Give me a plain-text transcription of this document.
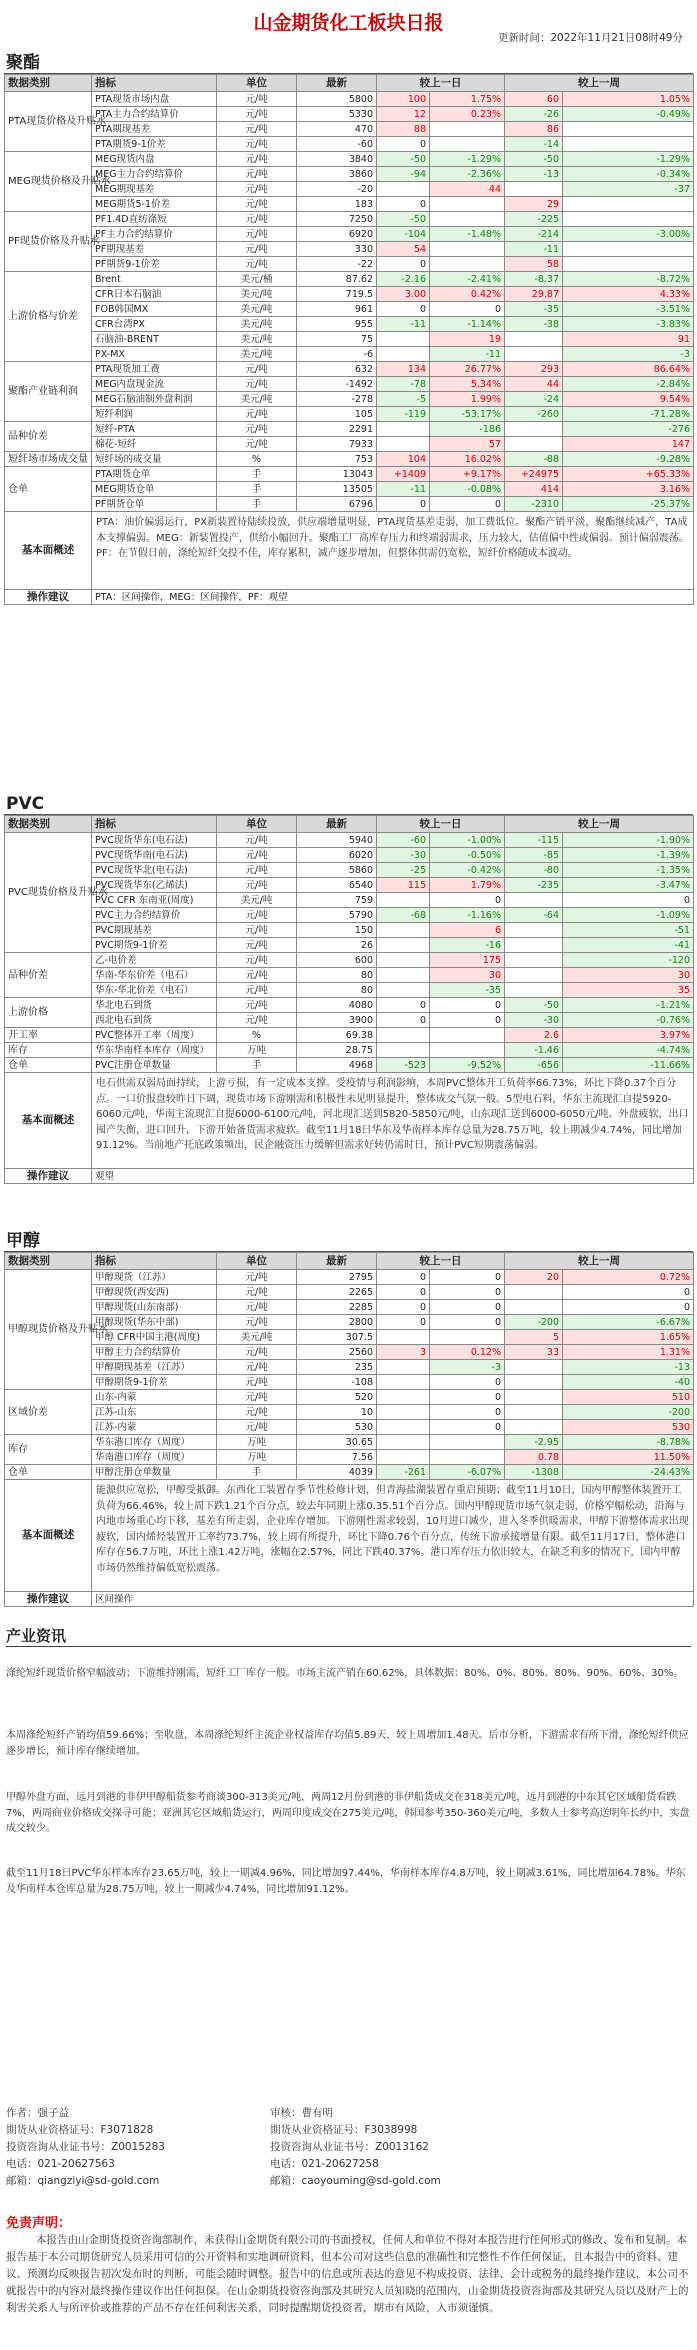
山金期货化工板块日报
更新时间：2022年11月21日08时49分
聚酯
数据类别	指标	单位	最新	较上一日		较上一周	
PTA现货价格及升贴水	PTA现货市场内盘	元/吨	5800	100	1.75%	60	1.05%
	PTA主力合约结算价	元/吨	5330	12	0.23%	-26	-0.49%
	PTA期现基差	元/吨	470	88		86	
	PTA期货9-1价差	元/吨	-60	0		-14	
MEG现货价格及升贴水	MEG现货内盘	元/吨	3840	-50	-1.29%	-50	-1.29%
	MEG主力合约结算价	元/吨	3860	-94	-2.36%	-13	-0.34%
	MEG期现基差	元/吨	-20		44		-37
	MEG期货5-1价差	元/吨	183	0		29	
PF现货价格及升贴水	PF1.4D直纺涤短	元/吨	7250	-50		-225	
	PF主力合约结算价	元/吨	6920	-104	-1.48%	-214	-3.00%
	PF期现基差	元/吨	330	54		-11	
	PF期货9-1价差	元/吨	-22	0		58	
上游价格与价差	Brent	美元/桶	87.62	-2.16	-2.41%	-8.37	-8.72%
	CFR日本石脑油	美元/吨	719.5	3.00	0.42%	29.87	4.33%
	FOB韩国MX	美元/吨	961	0	0	-35	-3.51%
	CFR台湾PX	美元/吨	955	-11	-1.14%	-38	-3.83%
	石脑油-BRENT	美元/吨	75		19		91
	PX-MX	美元/吨	-6		-11		-3
聚酯产业链利润	PTA现货加工费	元/吨	632	134	26.77%	293	86.64%
	MEG内盘现金流	元/吨	-1492	-78	5.34%	44	-2.84%
	MEG石脑油制外盘利润	美元/吨	-278	-5	1.99%	-24	9.54%
	短纤利润	元/吨	105	-119	-53.17%	-260	-71.28%
品种价差	短纤-PTA	元/吨	2291		-186		-276
	棉花-短纤	元/吨	7933		57		147
短纤场市场成交量	短纤场的成交量	%	753	104	16.02%	-88	-9.28%
仓单	PTA期货仓单	手	13043	+1409	+9.17%	+24975	+65.33%
	MEG期货仓单	手	13505	-11	-0.08%	414	3.16%
	PF期货仓单	手	6796	0	0	-2310	-25.37%
基本面概述	PTA：油价偏弱运行，PX新装置待陆续投放，供应端增量明显，PTA现货基差走弱，加工费低位。聚酯产销平淡，聚酯继续减产，TA成本支撑偏弱。MEG：新装置投产，供给小幅回升。聚酯工厂高库存压力和终端弱需求，压力较大，估值偏中性或偏弱。预计偏弱震荡。PF：在节假日前，涤纶短纤交投不佳，库存累积，减产逐步增加，但整体供需仍宽松，短纤价格随成本波动。						
操作建议	PTA：区间操作，MEG：区间操作，PF：观望						
PVC
数据类别	指标	单位	最新	较上一日		较上一周	
PVC现货价格及升贴水	PVC现货华东(电石法)	元/吨	5940	-60	-1.00%	-115	-1.90%
	PVC现货华南(电石法)	元/吨	6020	-30	-0.50%	-85	-1.39%
	PVC现货华北(电石法)	元/吨	5860	-25	-0.42%	-80	-1.35%
	PVC现货华东(乙烯法)	元/吨	6540	115	1.79%	-235	-3.47%
	PVC CFR 东南亚(周度)	美元/吨	759		0		0
	PVC主力合约结算价	元/吨	5790	-68	-1.16%	-64	-1.09%
	PVC期现基差	元/吨	150		6		-51
	PVC期货9-1价差	元/吨	26		-16		-41
品种价差	乙-电价差	元/吨	600		175		-120
	华南-华东价差（电石）	元/吨	80		30		30
	华东-华北价差（电石）	元/吨	80		-35		35
上游价格	华北电石到货	元/吨	4080	0	0	-50	-1.21%
	西北电石到货	元/吨	3900	0	0	-30	-0.76%
开工率	PVC整体开工率（周度）	%	69.38			2.6	3.97%
库存	华东华南样本库存（周度）	万吨	28.75			-1.46	-4.74%
仓单	PVC注册仓单数量	手	4968	-523	-9.52%	-656	-11.66%
基本面概述	电石供需双弱局面持续，上游亏损，有一定成本支撑。受疫情与利润影响，本周PVC整体开工负荷率66.73%，环比下降0.37个百分点。一口价报盘较昨日下调，现货市场下游刚需和积极性未见明显提升，整体成交气氛一般。5型电石料，华东主流现汇自提5920-6060元/吨，华南主流现汇自提6000-6100元/吨，河北现汇送到5820-5850元/吨，山东现汇送到6000-6050元/吨。外盘疲软，出口囤产失衡，进口回升，下游开始备货需求疲软。截至11月18日华东及华南样本库存总量为28.75万吨，较上期减少4.74%，同比增加91.12%。当前地产托底政策频出，民企融资压力缓解但需求好转仍需时日，预计PVC短期震荡偏弱。						
操作建议	观望						
甲醇
数据类别	指标	单位	最新	较上一日		较上一周	
甲醇现货价格及升贴水	甲醇现货（江苏）	元/吨	2795	0	0	20	0.72%
	甲醇现货(西安西)	元/吨	2265	0	0		0
	甲醇现货(山东南部)	元/吨	2285	0	0		0
	甲醇现货(华东中部)	元/吨	2800	0	0	-200	-6.67%
	甲醇 CFR中国主港(周度)	美元/吨	307.5			5	1.65%
	甲醇主力合约结算价	元/吨	2560	3	0.12%	33	1.31%
	甲醇期现基差（江苏）	元/吨	235		-3		-13
	甲醇期货9-1价差	元/吨	-108		0		-40
区域价差	山东-内蒙	元/吨	520		0		510
	江苏-山东	元/吨	10		0		-200
	江苏-内蒙	元/吨	530		0		530
库存	华东港口库存（周度）	万吨	30.65			-2.95	-8.78%
	华南港口库存（周度）	万吨	7.56			0.78	11.50%
仓单	甲醇注册仓单数量	手	4039	-261	-6.07%	-1308	-24.43%
基本面概述	能源供应宽松，甲醇受抵御。东西化工装置存季节性检修计划，但青海盐湖装置存重启预期；截至11月10日，国内甲醇整体装置开工负荷为66.46%，较上周下跌1.21个百分点，较去年同期上涨0.35.51个百分点。国内甲醇现货市场气氛走弱，价格窄幅松动，沿海与内地市场重心均下移，基差有所走弱，企业库存增加。下游刚性需求较弱，10月进口减少，进入冬季供暖需求，甲醇下游整体需求出现疲软，国内烯烃装置开工率约73.7%，较上周有所提升，环比下降0.76个百分点，传统下游承接增量有限。截至11月17日，整体港口库存在56.7万吨，环比上涨1.42万吨，涨幅在2.57%，同比下跌40.37%。港口库存压力依旧较大，在缺乏利多的情况下，国内甲醇市场仍然维持偏低宽松震荡。						
操作建议	区间操作						
产业资讯
涤纶短纤现货价格窄幅波动；下游维持刚需，短纤工厂库存一般。市场主流产销在60.62%，具体数据：80%、0%、80%、80%、90%、60%、30%。
本周涤纶短纤产销均值59.66%；至收盘，本周涤纶短纤主流企业权益库存均值5.89天，较上周增加1.48天。后市分析，下游需求有所下滑，涤纶短纤供应逐步增长，预计库存继续增加。
甲醇外盘方面，远月到港的非伊甲醇船货参考商谈300-313美元/吨，两周12月份到港的非伊船货成交在318美元/吨，远月到港的中东其它区域船货看跌7%，两周商业价格成交探寻可能；亚洲其它区域船货运行，两周印度成交在275美元/吨，韩国参考350-360美元/吨，多数人士参考高送明年长约中，实盘成交较少。
截至11月18日PVC华东样本库存23.65万吨，较上一期减4.96%，同比增加97.44%，华南样本库存4.8万吨，较上期减3.61%，同比增加64.78%。华东及华南样本仓库总量为28.75万吨，较上一期减少4.74%，同比增加91.12%。
作者：强子益
期货从业资格证号：F3071828
投资咨询从业证书号：Z0015283
电话：021-20627563
邮箱：qiangziyi@sd-gold.com
审核：曹有明
期货从业资格证号：F3038998
投资咨询从业证书号：Z0013162
电话：021-20627258
邮箱：caoyouming@sd-gold.com
免责声明：
本报告由山金期货投资咨询部制作，未获得山金期货有限公司的书面授权，任何人和单位不得对本报告进行任何形式的修改、发布和复制。本报告基于本公司期货研究人员采用可信的公开资料和实地调研资料，但本公司对这些信息的准确性和完整性不作任何保证，且本报告中的资料、建议、预测均反映报告初次发布时的判断，可能会随时调整。报告中的信息或所表达的意见不构成投资、法律、会计或税务的最终操作建议，本公司不就报告中的内容对最终操作建议作出任何担保。在山金期货投资咨询部及其研究人员知晓的范围内，山金期货投资咨询部及其研究人员以及财产上的利害关系人与所评价或推荐的产品不存在任何利害关系，同时提醒期货投资者，期市有风险，入市须谨慎。
